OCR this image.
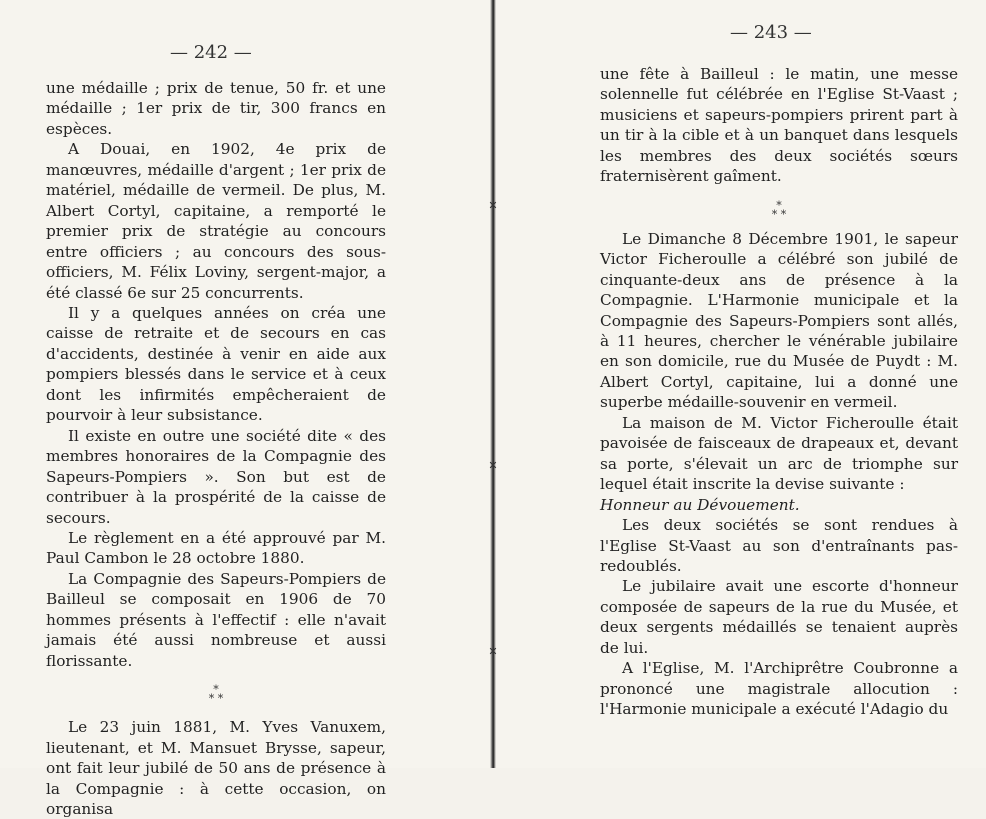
✕
✕
✕
— 242 —

une médaille ; prix de tenue, 50 fr. et une médaille ; 1er prix de tir, 300 francs en espèces.

A Douai, en 1902, 4e prix de manœuvres, médaille d'argent ; 1er prix de matériel, médaille de vermeil. De plus, M. Albert Cortyl, capitaine, a remporté le premier prix de stratégie au concours entre officiers ; au concours des sous-officiers, M. Félix Loviny, sergent-major, a été classé 6e sur 25 concurrents.

Il y a quelques années on créa une caisse de retraite et de secours en cas d'accidents, destinée à venir en aide aux pompiers blessés dans le service et à ceux dont les infirmités empêcheraient de pourvoir à leur subsistance.

Il existe en outre une société dite « des membres honoraires de la Compagnie des Sapeurs-Pompiers ». Son but est de contribuer à la prospérité de la caisse de secours.

Le règlement en a été approuvé par M. Paul Cambon le 28 octobre 1880.

La Compagnie des Sapeurs-Pompiers de Bailleul se composait en 1906 de 70 hommes présents à l'effectif : elle n'avait jamais été aussi nombreuse et aussi florissante.

*
* *

Le 23 juin 1881, M. Yves Vanuxem, lieutenant, et M. Mansuet Brysse, sapeur, ont fait leur jubilé de 50 ans de présence à la Compagnie : à cette occasion, on organisa

— 243 —

une fête à Bailleul : le matin, une messe solennelle fut célébrée en l'Eglise St-Vaast ; musiciens et sapeurs-pompiers prirent part à un tir à la cible et à un banquet dans lesquels les membres des deux sociétés sœurs fraternisèrent gaîment.

*
* *

Le Dimanche 8 Décembre 1901, le sapeur Victor Ficheroulle a célébré son jubilé de cinquante-deux ans de présence à la Compagnie. L'Harmonie municipale et la Compagnie des Sapeurs-Pompiers sont allés, à 11 heures, chercher le vénérable jubilaire en son domicile, rue du Musée de Puydt : M. Albert Cortyl, capitaine, lui a donné une superbe médaille-souvenir en vermeil.

La maison de M. Victor Ficheroulle était pavoisée de faisceaux de drapeaux et, devant sa porte, s'élevait un arc de triomphe sur lequel était inscrite la devise suivante :

Honneur au Dévouement.

Les deux sociétés se sont rendues à l'Eglise St-Vaast au son d'entraînants pas-redoublés.

Le jubilaire avait une escorte d'honneur composée de sapeurs de la rue du Musée, et deux sergents médaillés se tenaient auprès de lui.

A l'Eglise, M. l'Archiprêtre Coubronne a prononcé une magistrale allocution : l'Harmonie municipale a exécuté l'Adagio du
